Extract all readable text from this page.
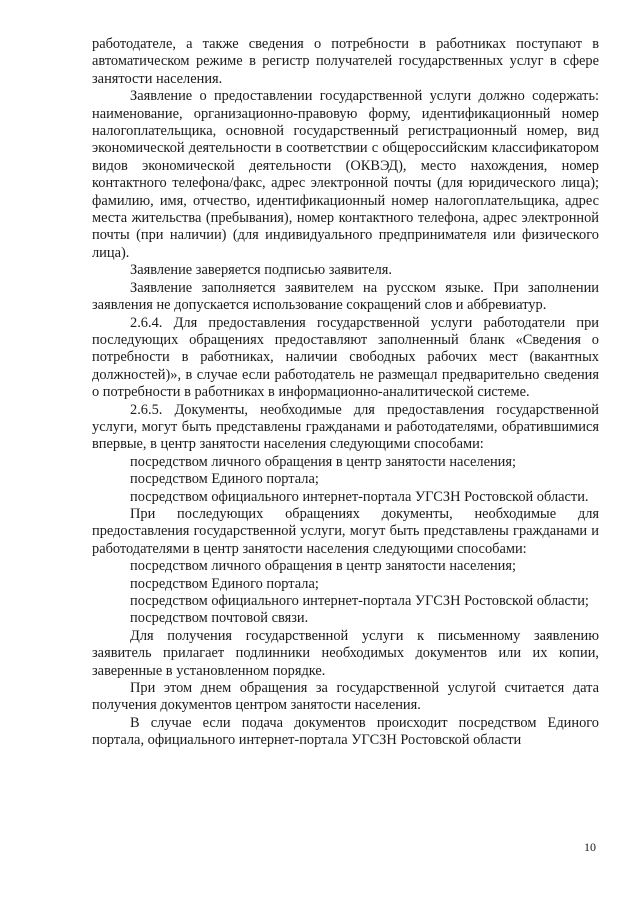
работодателе, а также сведения о потребности в работниках поступают в автоматическом режиме в регистр получателей государственных услуг в сфере занятости населения.

Заявление о предоставлении государственной услуги должно содержать: наименование, организационно-правовую форму, идентификационный номер налогоплательщика, основной государственный регистрационный номер, вид экономической деятельности в соответствии с общероссийским классификатором видов экономической деятельности (ОКВЭД), место нахождения, номер контактного телефона/факс, адрес электронной почты (для юридического лица); фамилию, имя, отчество, идентификационный номер налогоплательщика, адрес места жительства (пребывания), номер контактного телефона, адрес электронной почты (при наличии) (для индивидуального предпринимателя или физического лица).

Заявление заверяется подписью заявителя.

Заявление заполняется заявителем на русском языке. При заполнении заявления не допускается использование сокращений слов и аббревиатур.

2.6.4. Для предоставления государственной услуги работодатели при последующих обращениях предоставляют заполненный бланк «Сведения о потребности в работниках, наличии свободных рабочих мест (вакантных должностей)», в случае если работодатель не размещал предварительно сведения о потребности в работниках в информационно-аналитической системе.

2.6.5. Документы, необходимые для предоставления государственной услуги, могут быть представлены гражданами и работодателями, обратившимися впервые, в центр занятости населения следующими способами:

посредством личного обращения в центр занятости населения;

посредством Единого портала;

посредством официального интернет-портала УГСЗН Ростовской области.

При последующих обращениях документы, необходимые для предоставления государственной услуги, могут быть представлены гражданами и работодателями в центр занятости населения следующими способами:

посредством личного обращения в центр занятости населения;

посредством Единого портала;

посредством официального интернет-портала УГСЗН Ростовской области;

посредством почтовой связи.

Для получения государственной услуги к письменному заявлению заявитель прилагает подлинники необходимых документов или их копии, заверенные в установленном порядке.

При этом днем обращения за государственной услугой считается дата получения документов центром занятости населения.

В случае если подача документов происходит посредством Единого портала, официального интернет-портала УГСЗН Ростовской области

10
